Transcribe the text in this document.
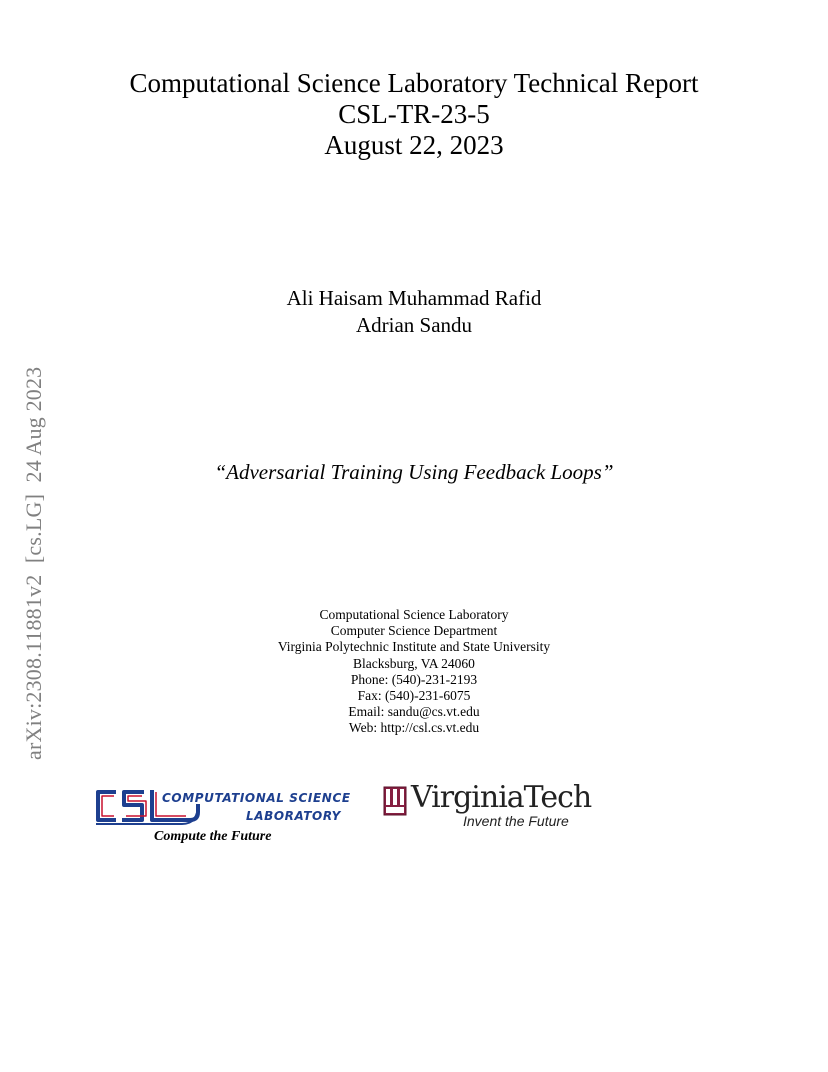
Computational Science Laboratory Technical Report
CSL-TR-23-5
August 22, 2023
Ali Haisam Muhammad Rafid
Adrian Sandu
“Adversarial Training Using Feedback Loops”
Computational Science Laboratory
Computer Science Department
Virginia Polytechnic Institute and State University
Blacksburg, VA 24060
Phone: (540)-231-2193
Fax: (540)-231-6075
Email: sandu@cs.vt.edu
Web: http://csl.cs.vt.edu
arXiv:2308.11881v2  [cs.LG]  24 Aug 2023
COMPUTATIONAL SCIENCE
LABORATORY
Compute the Future
VirginiaTech
Invent the Future
